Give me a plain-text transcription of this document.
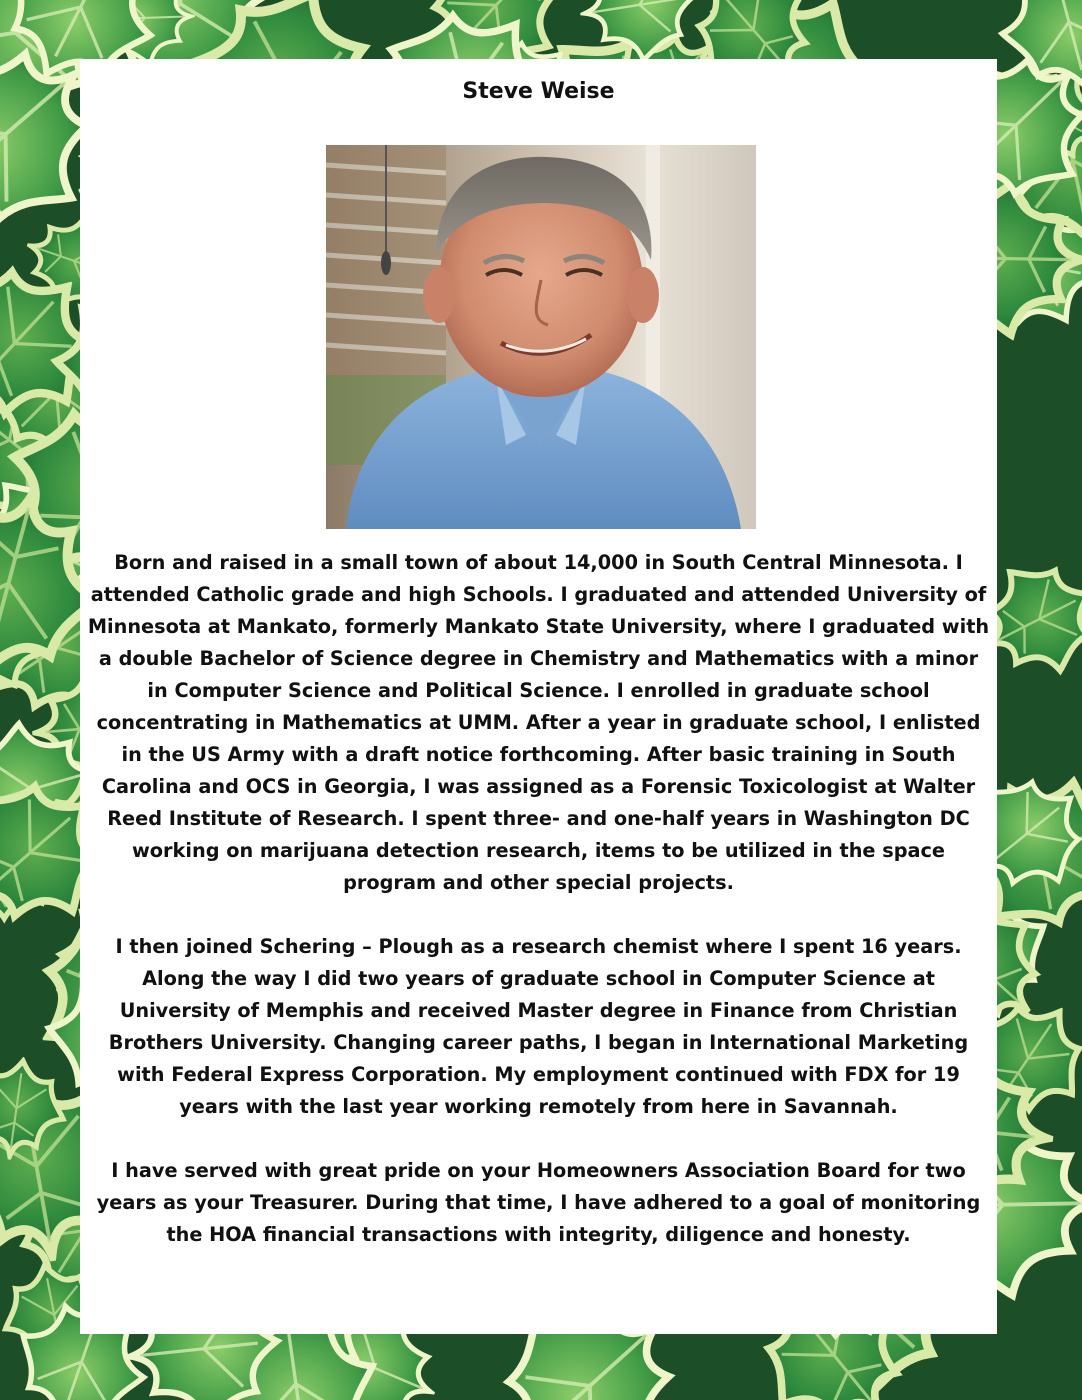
Steve Weise

Born and raised in a small town of about 14,000 in South Central Minnesota. I attended Catholic grade and high Schools. I graduated and attended University of Minnesota at Mankato, formerly Mankato State University, where I graduated with a double Bachelor of Science degree in Chemistry and Mathematics with a minor in Computer Science and Political Science. I enrolled in graduate school concentrating in Mathematics at UMM. After a year in graduate school, I enlisted in the US Army with a draft notice forthcoming. After basic training in South Carolina and OCS in Georgia, I was assigned as a Forensic Toxicologist at Walter Reed Institute of Research. I spent three- and one-half years in Washington DC working on marijuana detection research, items to be utilized in the space program and other special projects.

I then joined Schering – Plough as a research chemist where I spent 16 years. Along the way I did two years of graduate school in Computer Science at University of Memphis and received Master degree in Finance from Christian Brothers University. Changing career paths, I began in International Marketing with Federal Express Corporation. My employment continued with FDX for 19 years with the last year working remotely from here in Savannah.

I have served with great pride on your Homeowners Association Board for two years as your Treasurer. During that time, I have adhered to a goal of monitoring the HOA financial transactions with integrity, diligence and honesty.
